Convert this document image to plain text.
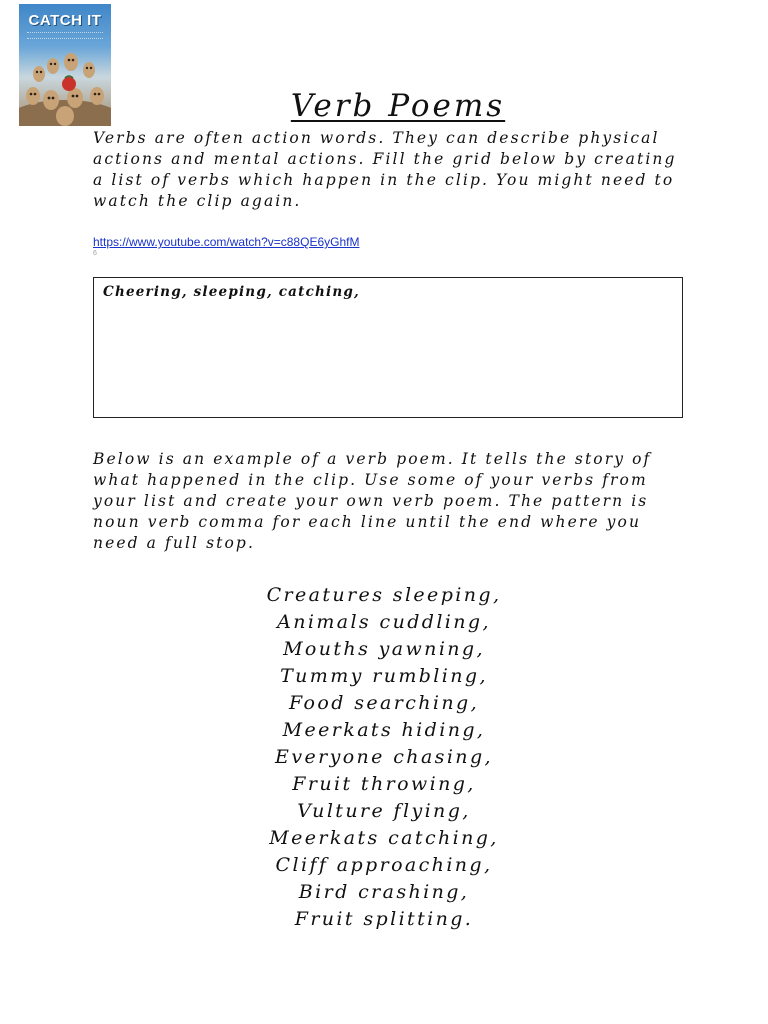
CATCH IT
Verb Poems

Verbs are often action words. They can describe physical actions and mental actions. Fill the grid below by creating a list of verbs which happen in the clip. You might need to watch the clip again.

https://www.youtube.com/watch?v=c88QE6yGhfM
6
Cheering, sleeping, catching,

Below is an example of a verb poem. It tells the story of what happened in the clip. Use some of your verbs from your list and create your own verb poem. The pattern is noun verb comma for each line until the end where you need a full stop.

Creatures sleeping,
Animals cuddling,
Mouths yawning,
Tummy rumbling,
Food searching,
Meerkats hiding,
Everyone chasing,
Fruit throwing,
Vulture flying,
Meerkats catching,
Cliff approaching,
Bird crashing,
Fruit splitting.
